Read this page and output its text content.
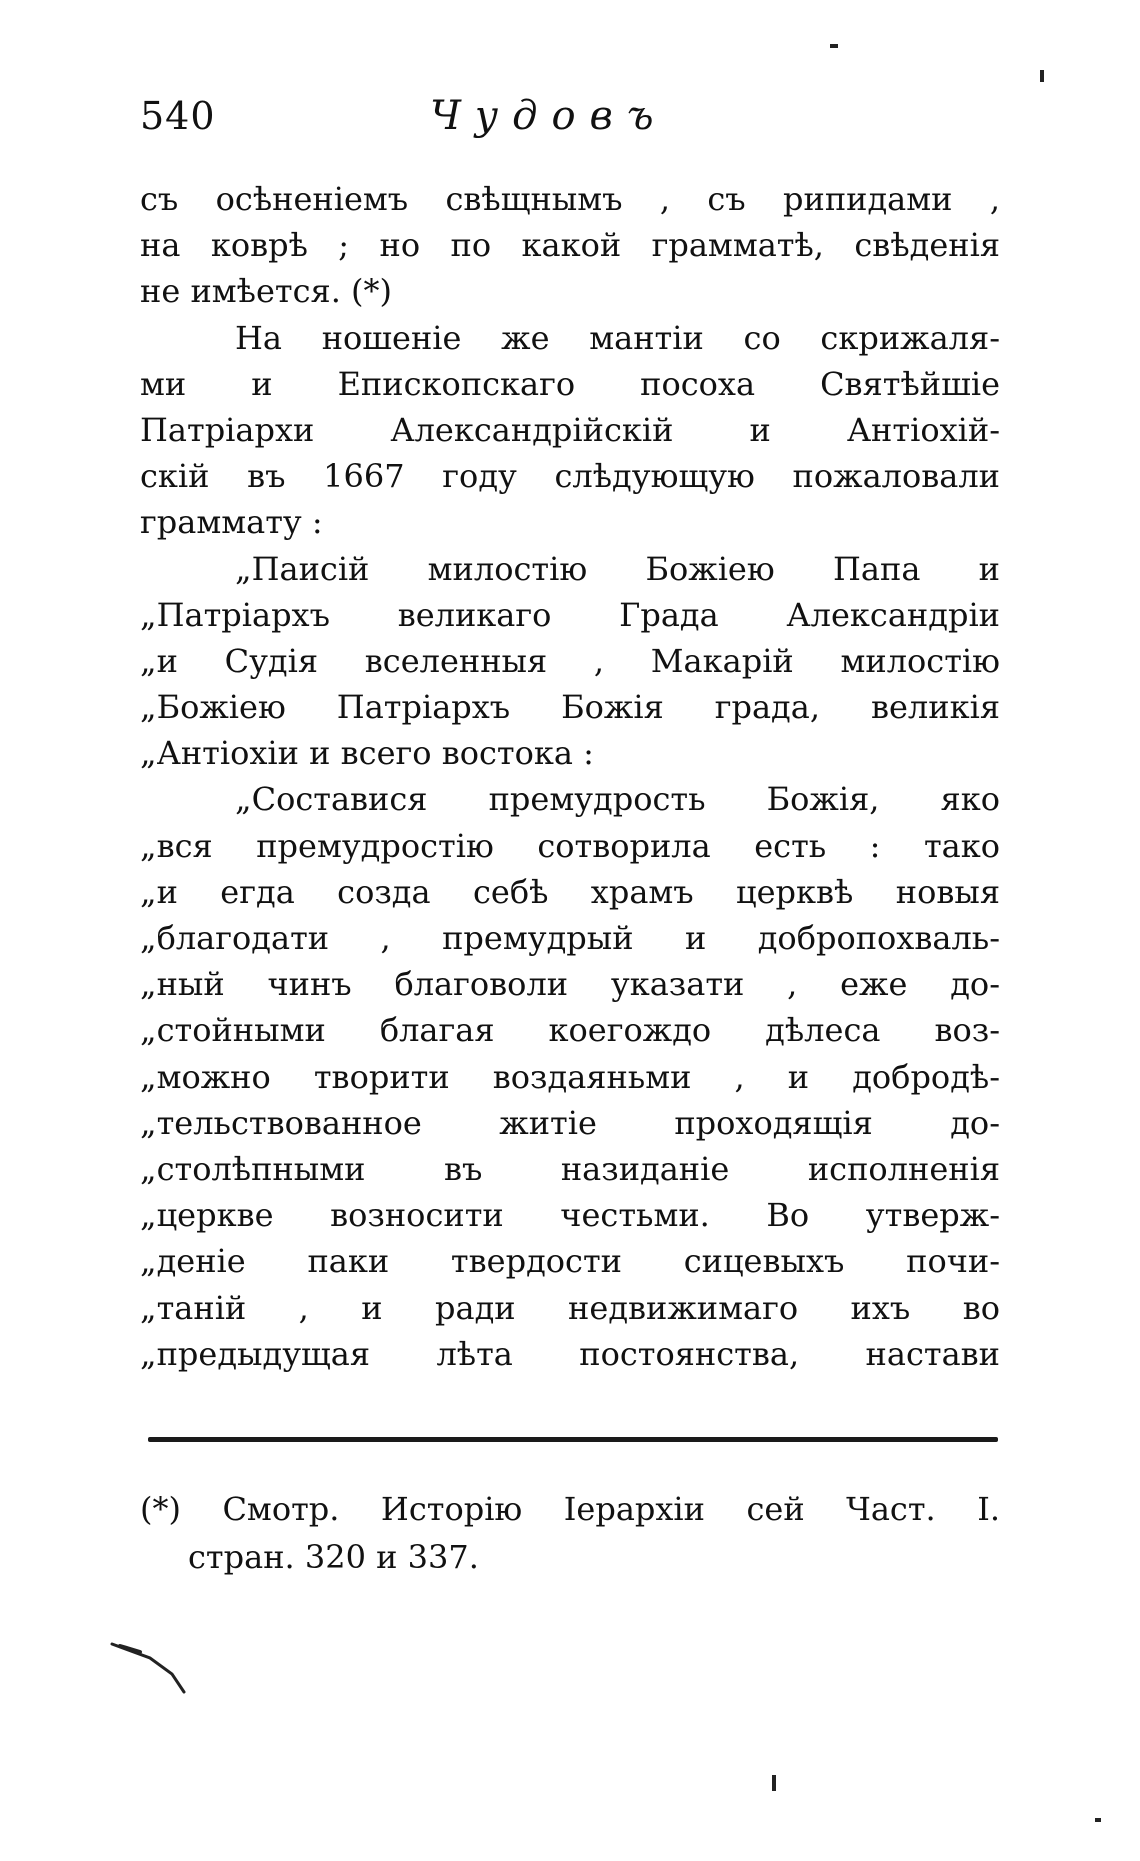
540	Чудовъ
съ осѣненіемъ свѣщнымъ , съ рипидами ,
на коврѣ ; но по какой грамматѣ, свѣденія
не имѣется. (*)
На ношеніе же мантіи со скрижаля-
ми и Епископскаго посоха Святѣйшіе
Патріархи Александрійскій и Антіохій-
скій въ 1667 году слѣдующую пожаловали
граммату :
„Паисій милостію Божіею Папа и
„Патріархъ великаго Града Александріи
„и Судія вселенныя , Макарій милостію
„Божіею Патріархъ Божія града, великія
„Антіохіи и всего востока :
„Составися премудрость Божія, яко
„вся премудростію сотворила есть : тако
„и егда созда себѣ храмъ церквѣ новыя
„благодати , премудрый и добропохваль-
„ный чинъ благоволи указати , еже до-
„стойными благая коегождо дѣлеса воз-
„можно творити воздаяньми , и добродѣ-
„тельствованное житіе проходящія до-
„столѣпными въ назиданіе исполненія
„церкве возносити честьми. Во утверж-
„деніе паки твердости сицевыхъ почи-
„таній , и ради недвижимаго ихъ во
„предыдущая лѣта постоянства, настави
(*) Смотр. Исторію Іерархіи сей Част. I.
стран. 320 и 337.
